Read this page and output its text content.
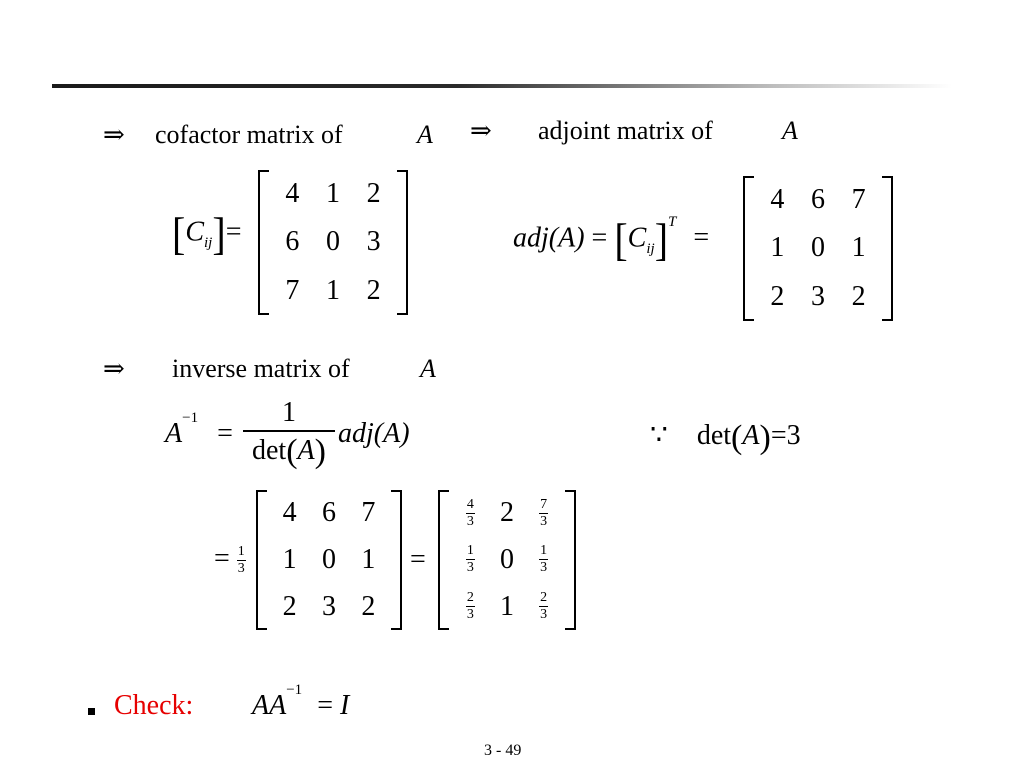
⇒ cofactor matrix of	A ⇒ adjoint matrix of	A
$[C_{ij}]=$
4 1 2
6 0 3
7 1 2
$adj(A) = [C_{ij}]^T$ =
4 6 7
1 0 1
2 3 2
⇒ inverse matrix of	A
$A^{-1}$ =
1
det(A) adj(A)	∵ det(A)=3
= $\frac{1}{3}$
4 6 7
1 0 1
2 3 2
=
$\frac{4}{3} 2$	$\frac{7}{3}$
$\frac{1}{3} 0$	$\frac{1}{3}$
$\frac{2}{3} 1$	$\frac{2}{3}$
Check: $AA^{-1} = I$
3 - 49
